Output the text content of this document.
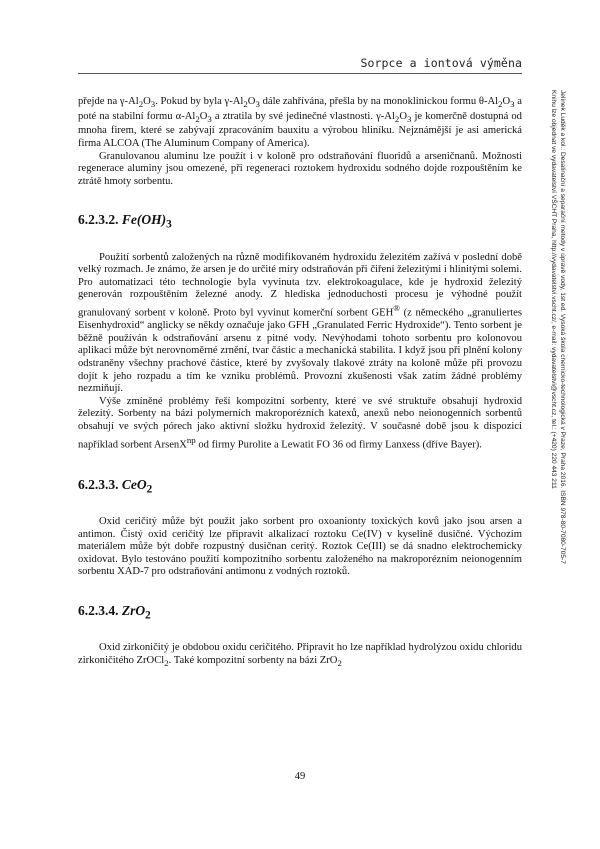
Sorpce a iontová výměna

přejde na $\gamma-Al_2O_3$. Pokud by byla $\gamma-Al_2O_3$ dále zahřívána, přešla by na monoklinickou formu $\theta-Al_2O_3$ a poté na stabilní formu $\alpha-Al_2O_3$ a ztratila by své jedinečné vlastnosti. $\gamma-Al_2O_3$ je komerčně dostupná od mnoha firem, které se zabývají zpracováním bauxitu a výrobou hliníku. Nejznámější je asi americká firma ALCOA (The Aluminum Company of America).

Granulovanou aluminu lze použít i v koloně pro odstraňování fluoridů a arseničnanů. Možnosti regenerace aluminy jsou omezené, při regeneraci roztokem hydroxidu sodného dojde rozpouštěním ke ztrátě hmoty sorbentu.

6.2.3.2. $Fe(OH)_3$

Použití sorbentů založených na různě modifikovaném hydroxidu železitém zažívá v poslední době velký rozmach. Je známo, že arsen je do určité míry odstraňován při čiření železitými i hlinitými solemi. Pro automatizaci této technologie byla vyvinuta tzv. elektrokoagulace, kde je hydroxid železitý generován rozpouštěním železné anody. Z hlediska jednoduchosti procesu je výhodné použít granulovaný sorbent v koloně. Proto byl vyvinut komerční sorbent GEH® (z německého „granuliertes Eisenhydroxid“ anglicky se někdy označuje jako GFH „Granulated Ferric Hydroxide“). Tento sorbent je běžně používán k odstraňování arsenu z pitné vody. Nevýhodami tohoto sorbentu pro kolonovou aplikaci může být nerovnoměrné zrnění, tvar částic a mechanická stabilita. I když jsou při plnění kolony odstraněny všechny prachové částice, které by zvyšovaly tlakové ztráty na koloně může při provozu dojít k jeho rozpadu a tím ke vzniku problémů. Provozní zkušenosti však zatím žádné problémy nezmiňují.

Výše zmíněné problémy řeší kompozitní sorbenty, které ve své struktuře obsahují hydroxid železitý. Sorbenty na bázi polymerních makroporézních katexů, anexů nebo neionogenních sorbentů obsahují ve svých pórech jako aktivní složku hydroxid železitý. V současné době jsou k dispozici například sorbent ArsenX$^{np}$ od firmy Purolite a Lewatit FO 36 od firmy Lanxess (dříve Bayer).

6.2.3.3. CeO$_2$

Oxid ceričitý může být použit jako sorbent pro oxoanionty toxických kovů jako jsou arsen a antimon. Čistý oxid ceričitý lze připravit alkalizací roztoku Ce(IV) v kyselině dusičné. Výchozím materiálem může být dobře rozpustný dusičnan ceritý. Roztok Ce(III) se dá snadno elektrochemicky oxidovat. Bylo testováno použití kompozitního sorbentu založeného na makroporézním neionogenním sorbentu XAD-7 pro odstraňování antimonu z vodných roztoků.

6.2.3.4. ZrO$_2$

Oxid zirkoničitý je obdobou oxidu ceričitého. Připravit ho lze například hydrolýzou oxidu chloridu zirkoničitého ZrOCl$_2$. Také kompozitní sorbenty na bázi ZrO$_2$

49
Jelínek Luděk a kol.: Desalinační a separační metody v úpravě vody, 1st ed. Vysoká škola chemicko-technologická v Praze, Praha 2016. ISBN 978-80-7080-705-7
Knihu lze objednat ve vydavatelství VŠCHT Praha, http://vydavatelstvi.vscht.cz/, e-mail: vydavatelstvi@vscht.cz, tel.: (+420) 220 443 211
